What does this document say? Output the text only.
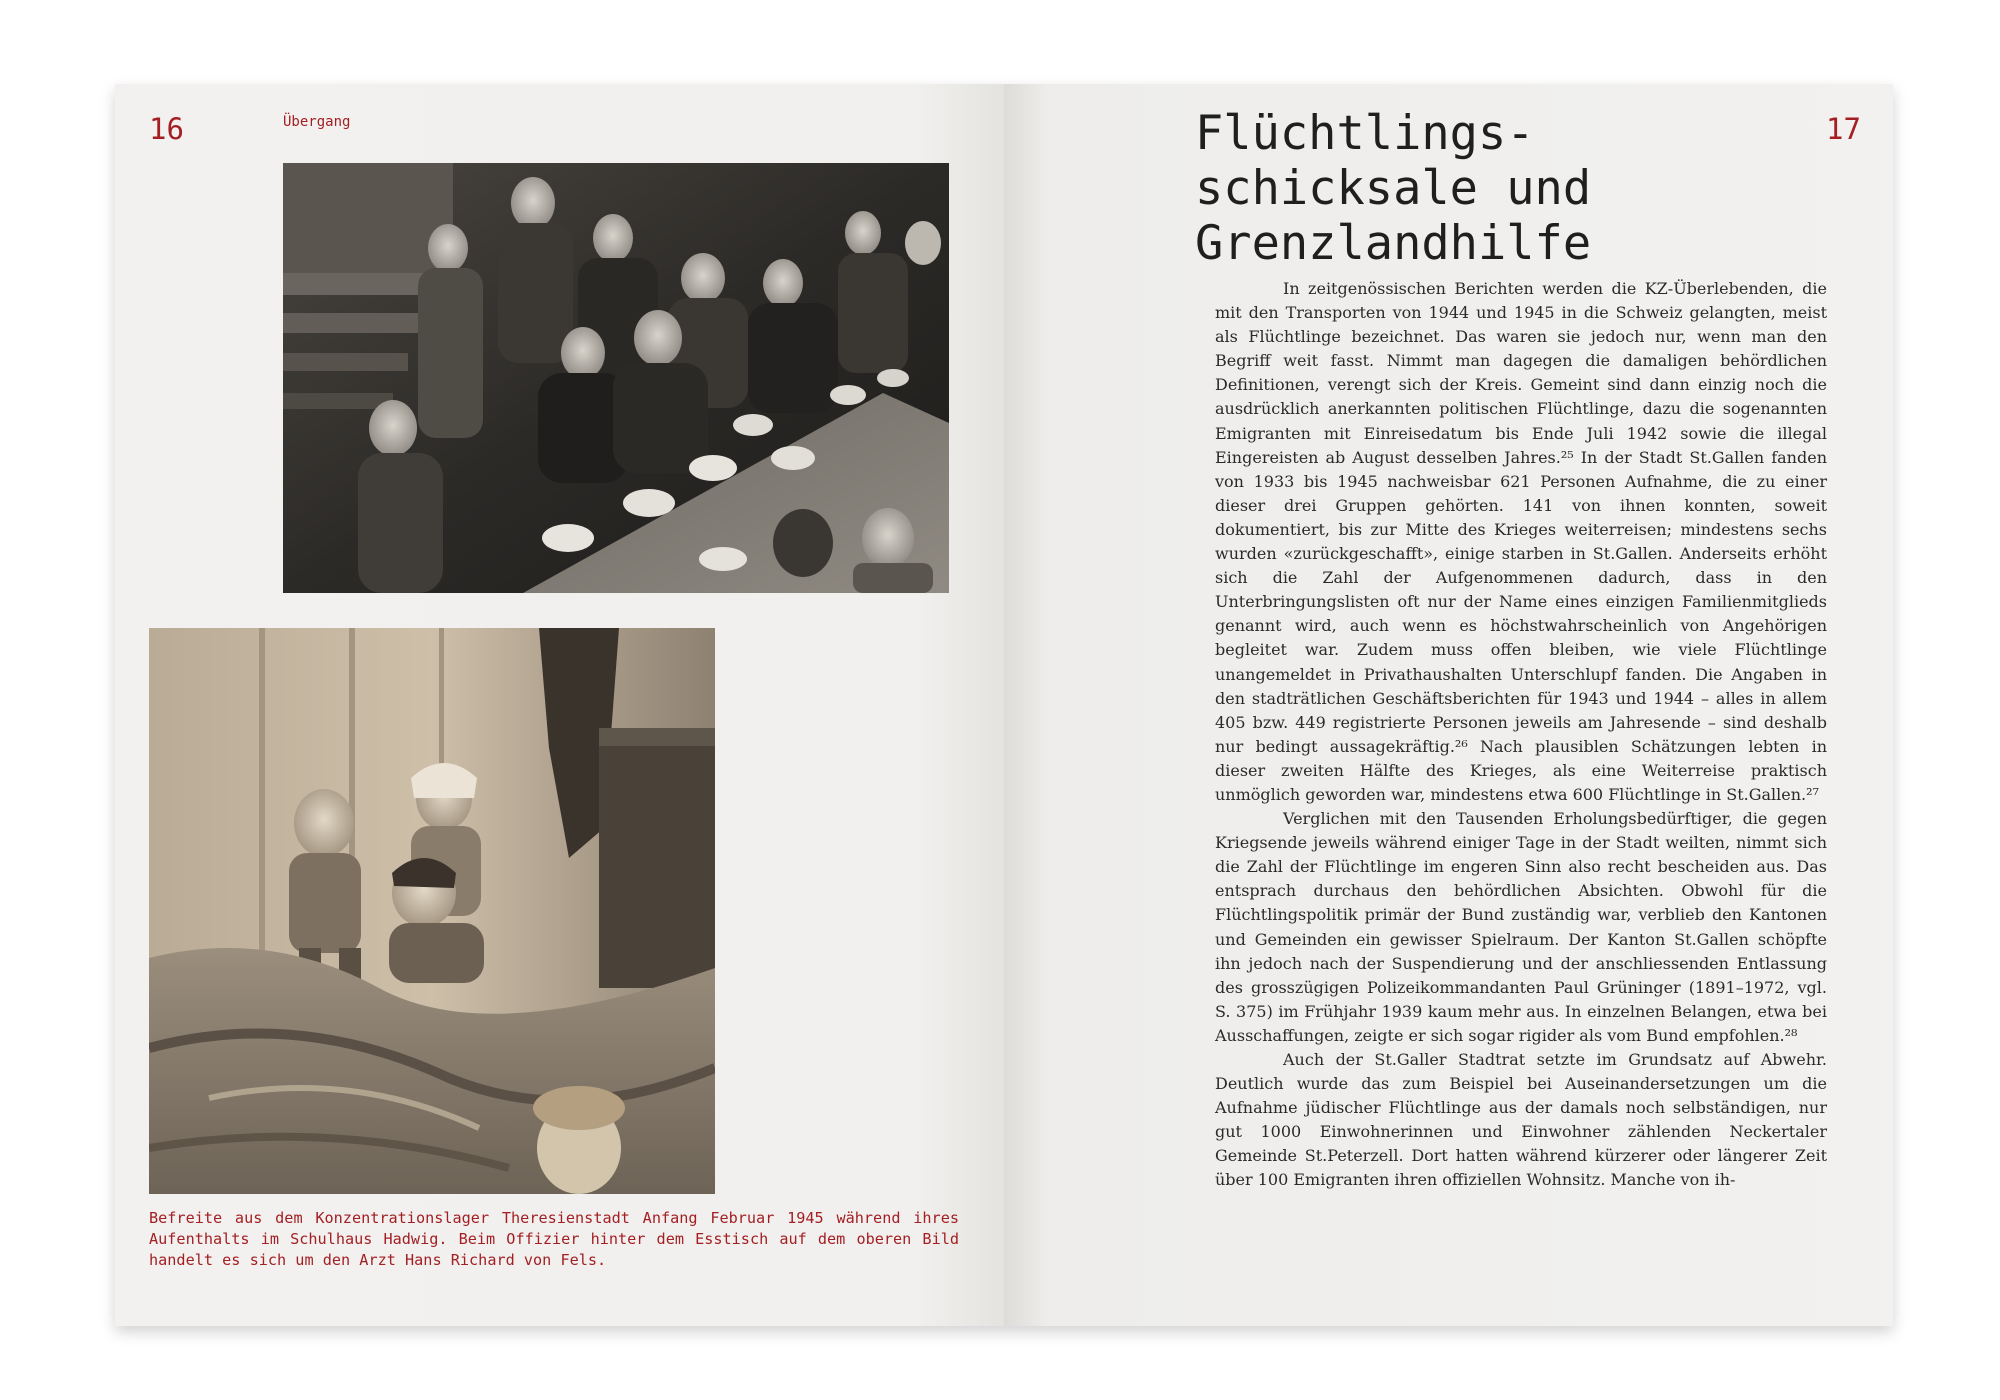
16	Übergang

Befreite aus dem Konzentrationslager Theresienstadt Anfang Februar 1945 während ihres Aufenthalts im Schulhaus Hadwig. Beim Offizier hinter dem Esstisch auf dem oberen Bild handelt es sich um den Arzt Hans Richard von Fels.

Flüchtlings-
schicksale und
Grenzlandhilfe
17

In zeitgenössischen Berichten werden die KZ-Überlebenden, die mit den Transporten von 1944 und 1945 in die Schweiz gelangten, meist als Flüchtlinge bezeichnet. Das waren sie jedoch nur, wenn man den Begriff weit fasst. Nimmt man dagegen die damaligen behördlichen Definitionen, verengt sich der Kreis. Gemeint sind dann einzig noch die ausdrücklich anerkannten politischen Flüchtlinge, dazu die sogenannten Emigranten mit Einreisedatum bis Ende Juli 1942 sowie die illegal Eingereisten ab August desselben Jahres.²⁵ In der Stadt St.Gallen fanden von 1933 bis 1945 nachweisbar 621 Personen Aufnahme, die zu einer dieser drei Gruppen gehörten. 141 von ihnen konnten, soweit dokumentiert, bis zur Mitte des Krieges weiterreisen; mindestens sechs wurden «zurückgeschafft», einige starben in St.Gallen. Anderseits erhöht sich die Zahl der Aufgenommenen dadurch, dass in den Unterbringungslisten oft nur der Name eines einzigen Familienmitglieds genannt wird, auch wenn es höchstwahrscheinlich von Angehörigen begleitet war. Zudem muss offen bleiben, wie viele Flüchtlinge unangemeldet in Privathaushalten Unterschlupf fanden. Die Angaben in den stadträtlichen Geschäftsberichten für 1943 und 1944 – alles in allem 405 bzw. 449 registrierte Personen jeweils am Jahresende – sind deshalb nur bedingt aussagekräftig.²⁶ Nach plausiblen Schätzungen lebten in dieser zweiten Hälfte des Krieges, als eine Weiterreise praktisch unmöglich geworden war, mindestens etwa 600 Flüchtlinge in St.Gallen.²⁷

Verglichen mit den Tausenden Erholungsbedürftiger, die gegen Kriegsende jeweils während einiger Tage in der Stadt weilten, nimmt sich die Zahl der Flüchtlinge im engeren Sinn also recht bescheiden aus. Das entsprach durchaus den behördlichen Absichten. Obwohl für die Flüchtlingspolitik primär der Bund zuständig war, verblieb den Kantonen und Gemeinden ein gewisser Spielraum. Der Kanton St.Gallen schöpfte ihn jedoch nach der Suspendierung und der anschliessenden Entlassung des grosszügigen Polizeikommandanten Paul Grüninger (1891–1972, vgl. S. 375) im Frühjahr 1939 kaum mehr aus. In einzelnen Belangen, etwa bei Ausschaffungen, zeigte er sich sogar rigider als vom Bund empfohlen.²⁸

Auch der St.Galler Stadtrat setzte im Grundsatz auf Abwehr. Deutlich wurde das zum Beispiel bei Auseinandersetzungen um die Aufnahme jüdischer Flüchtlinge aus der damals noch selbständigen, nur gut 1000 Einwohnerinnen und Einwohner zählenden Neckertaler Gemeinde St.Peterzell. Dort hatten während kürzerer oder längerer Zeit über 100 Emigranten ihren offiziellen Wohnsitz. Manche von ih-
